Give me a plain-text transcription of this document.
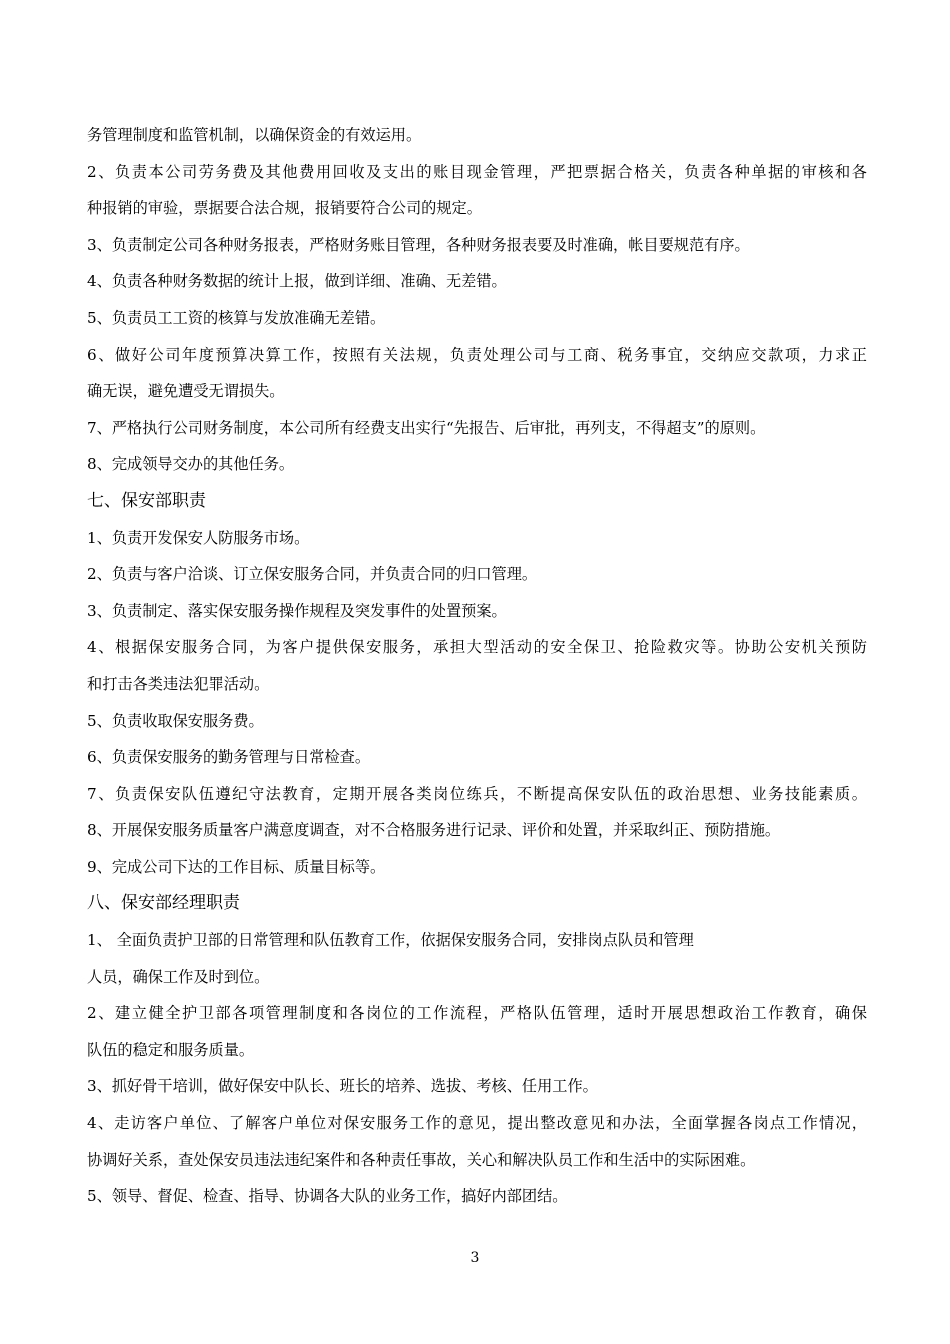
务管理制度和监管机制，以确保资金的有效运用。
2、负责本公司劳务费及其他费用回收及支出的账目现金管理，严把票据合格关，负责各种单据的审核和各
种报销的审验，票据要合法合规，报销要符合公司的规定。
3、负责制定公司各种财务报表，严格财务账目管理，各种财务报表要及时准确，帐目要规范有序。
4、负责各种财务数据的统计上报，做到详细、准确、无差错。
5、负责员工工资的核算与发放准确无差错。
6、做好公司年度预算决算工作，按照有关法规，负责处理公司与工商、税务事宜，交纳应交款项，力求正
确无误，避免遭受无谓损失。
7、严格执行公司财务制度，本公司所有经费支出实行“先报告、后审批，再列支，不得超支”的原则。
8、完成领导交办的其他任务。
七、保安部职责
1、负责开发保安人防服务市场。
2、负责与客户洽谈、订立保安服务合同，并负责合同的归口管理。
3、负责制定、落实保安服务操作规程及突发事件的处置预案。
4、根据保安服务合同，为客户提供保安服务，承担大型活动的安全保卫、抢险救灾等。协助公安机关预防
和打击各类违法犯罪活动。
5、负责收取保安服务费。
6、负责保安服务的勤务管理与日常检查。
7、负责保安队伍遵纪守法教育，定期开展各类岗位练兵，不断提高保安队伍的政治思想、业务技能素质。
8、开展保安服务质量客户满意度调查，对不合格服务进行记录、评价和处置，并采取纠正、预防措施。
9、完成公司下达的工作目标、质量目标等。
八、保安部经理职责
1、 全面负责护卫部的日常管理和队伍教育工作，依据保安服务合同，安排岗点队员和管理
人员，确保工作及时到位。
2、建立健全护卫部各项管理制度和各岗位的工作流程，严格队伍管理，适时开展思想政治工作教育，确保
队伍的稳定和服务质量。
3、抓好骨干培训，做好保安中队长、班长的培养、选拔、考核、任用工作。
4、走访客户单位、了解客户单位对保安服务工作的意见，提出整改意见和办法，全面掌握各岗点工作情况，
协调好关系，查处保安员违法违纪案件和各种责任事故，关心和解决队员工作和生活中的实际困难。
5、领导、督促、检查、指导、协调各大队的业务工作，搞好内部团结。
3
